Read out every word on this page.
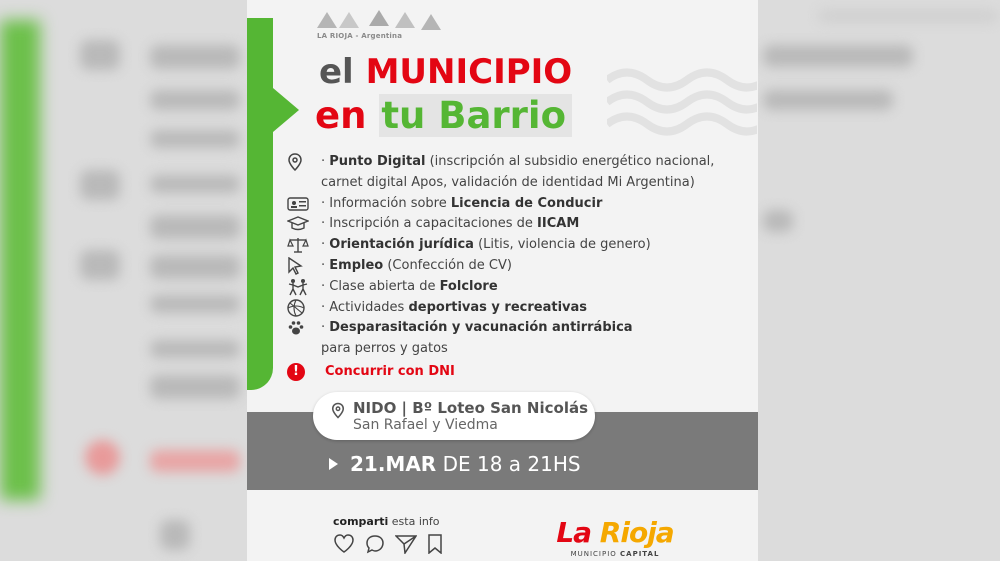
LA RIOJA - Argentina
el MUNICIPIO
en tu Barrio
· Punto Digital (inscripción al subsidio energético nacional,
carnet digital Apos, validación de identidad Mi Argentina)
· Información sobre Licencia de Conducir
· Inscripción a capacitaciones de IICAM
· Orientación jurídica (Litis, violencia de genero)
· Empleo (Confección de CV)
· Clase abierta de Folclore
· Actividades deportivas y recreativas
· Desparasitación y vacunación antirrábica
para perros y gatos
!	Concurrir con DNI
NIDO | Bº Loteo San Nicolás
San Rafael y Viedma
21.MAR DE 18 a 21HS
comparti esta info	La Rioja
MUNICIPIO CAPITAL
